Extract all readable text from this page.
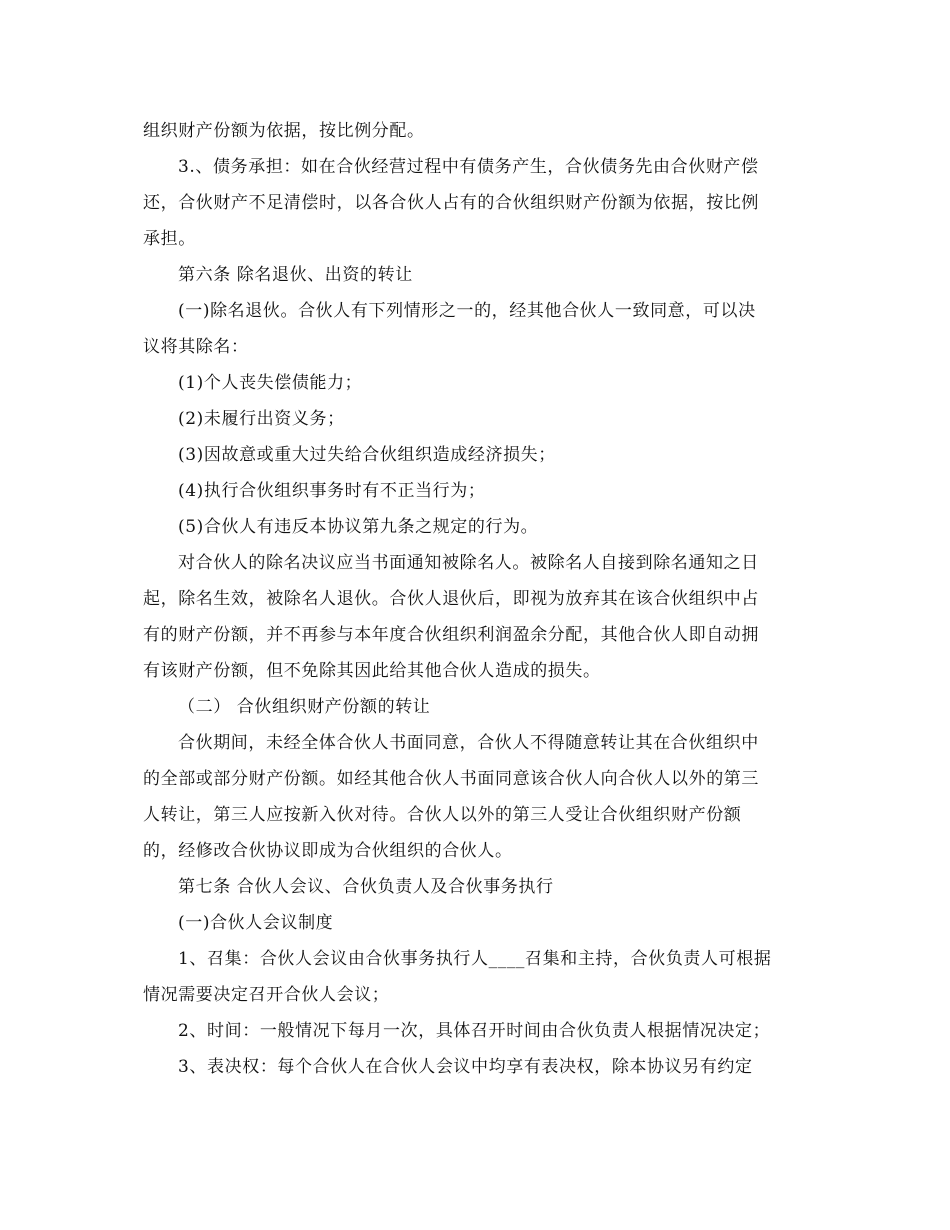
组织财产份额为依据，按比例分配。
3.、债务承担：如在合伙经营过程中有债务产生，合伙债务先由合伙财产偿
还，合伙财产不足清偿时，以各合伙人占有的合伙组织财产份额为依据，按比例
承担。
第六条 除名退伙、出资的转让
(一)除名退伙。合伙人有下列情形之一的，经其他合伙人一致同意，可以决
议将其除名：
(1)个人丧失偿债能力；
(2)未履行出资义务；
(3)因故意或重大过失给合伙组织造成经济损失；
(4)执行合伙组织事务时有不正当行为；
(5)合伙人有违反本协议第九条之规定的行为。
对合伙人的除名决议应当书面通知被除名人。被除名人自接到除名通知之日
起，除名生效，被除名人退伙。合伙人退伙后，即视为放弃其在该合伙组织中占
有的财产份额，并不再参与本年度合伙组织利润盈余分配，其他合伙人即自动拥
有该财产份额，但不免除其因此给其他合伙人造成的损失。
（二） 合伙组织财产份额的转让
合伙期间，未经全体合伙人书面同意，合伙人不得随意转让其在合伙组织中
的全部或部分财产份额。如经其他合伙人书面同意该合伙人向合伙人以外的第三
人转让，第三人应按新入伙对待。合伙人以外的第三人受让合伙组织财产份额
的，经修改合伙协议即成为合伙组织的合伙人。
第七条 合伙人会议、合伙负责人及合伙事务执行
(一)合伙人会议制度
1、召集：合伙人会议由合伙事务执行人____召集和主持，合伙负责人可根据
情况需要决定召开合伙人会议；
2、时间：一般情况下每月一次，具体召开时间由合伙负责人根据情况决定；
3、表决权：每个合伙人在合伙人会议中均享有表决权，除本协议另有约定
